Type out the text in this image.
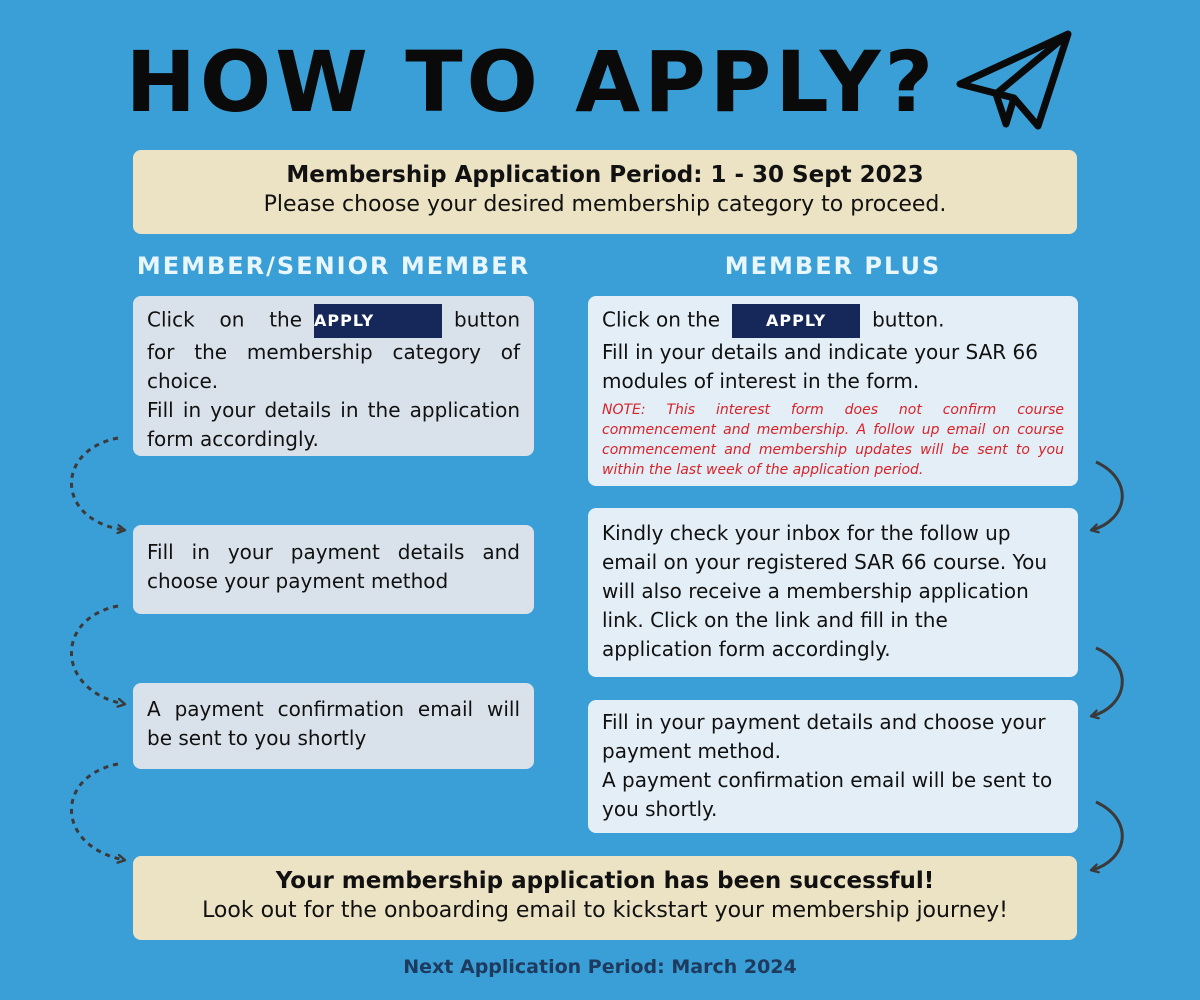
HOW TO APPLY?
Membership Application Period: 1 - 30 Sept 2023
Please choose your desired membership category to proceed.
MEMBER/SENIOR MEMBER	MEMBER PLUS
Click on the APPLY	button
for the membership category of choice.
Fill in your details in the application form accordingly.
Fill in your payment details and choose your payment method
A payment confirmation email will be sent to you shortly
Click on the	APPLY button.
Fill in your details and indicate your SAR 66 modules of interest in the form.
NOTE: This interest form does not confirm course commencement and membership. A follow up email on course commencement and membership updates will be sent to you within the last week of the application period.
Kindly check your inbox for the follow up email on your registered SAR 66 course. You will also receive a membership application link. Click on the link and fill in the application form accordingly.
Fill in your payment details and choose your payment method.
A payment confirmation email will be sent to you shortly.
Your membership application has been successful!
Look out for the onboarding email to kickstart your membership journey!
Next Application Period: March 2024
